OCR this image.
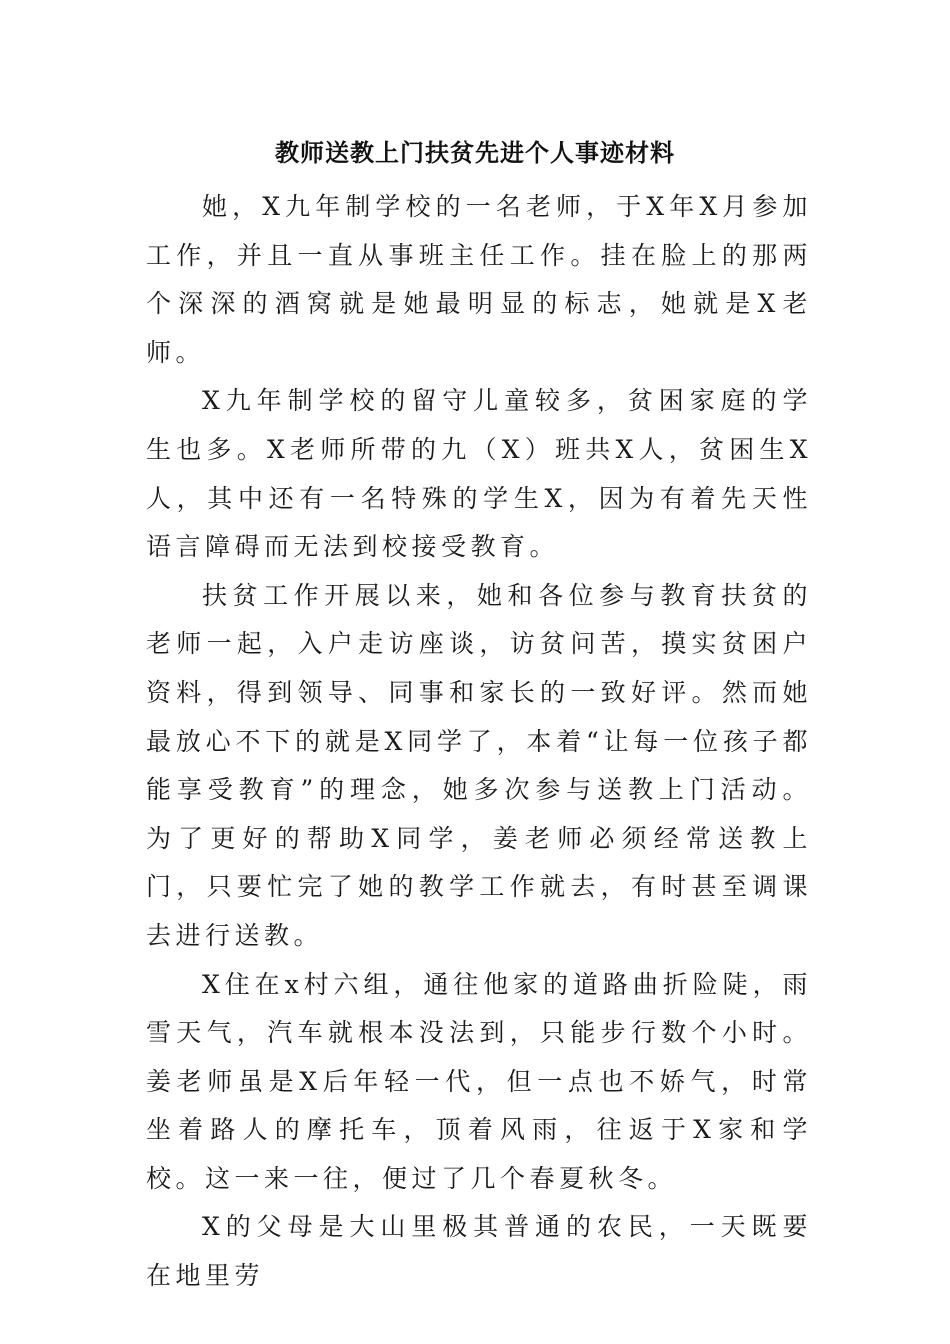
教师送教上门扶贫先进个人事迹材料

她，X九年制学校的一名老师，于X年X月参加工作，并且一直从事班主任工作。挂在脸上的那两个深深的酒窝就是她最明显的标志，她就是X老师。

X九年制学校的留守儿童较多，贫困家庭的学生也多。X老师所带的九（X）班共X人，贫困生X人，其中还有一名特殊的学生X，因为有着先天性语言障碍而无法到校接受教育。

扶贫工作开展以来，她和各位参与教育扶贫的老师一起，入户走访座谈，访贫问苦，摸实贫困户资料，得到领导、同事和家长的一致好评。然而她最放心不下的就是X同学了，本着“让每一位孩子都能享受教育”的理念，她多次参与送教上门活动。为了更好的帮助X同学，姜老师必须经常送教上门，只要忙完了她的教学工作就去，有时甚至调课去进行送教。

X住在x村六组，通往他家的道路曲折险陡，雨雪天气，汽车就根本没法到，只能步行数个小时。姜老师虽是X后年轻一代，但一点也不娇气，时常坐着路人的摩托车，顶着风雨，往返于X家和学校。这一来一往，便过了几个春夏秋冬。

X的父母是大山里极其普通的农民，一天既要在地里劳
